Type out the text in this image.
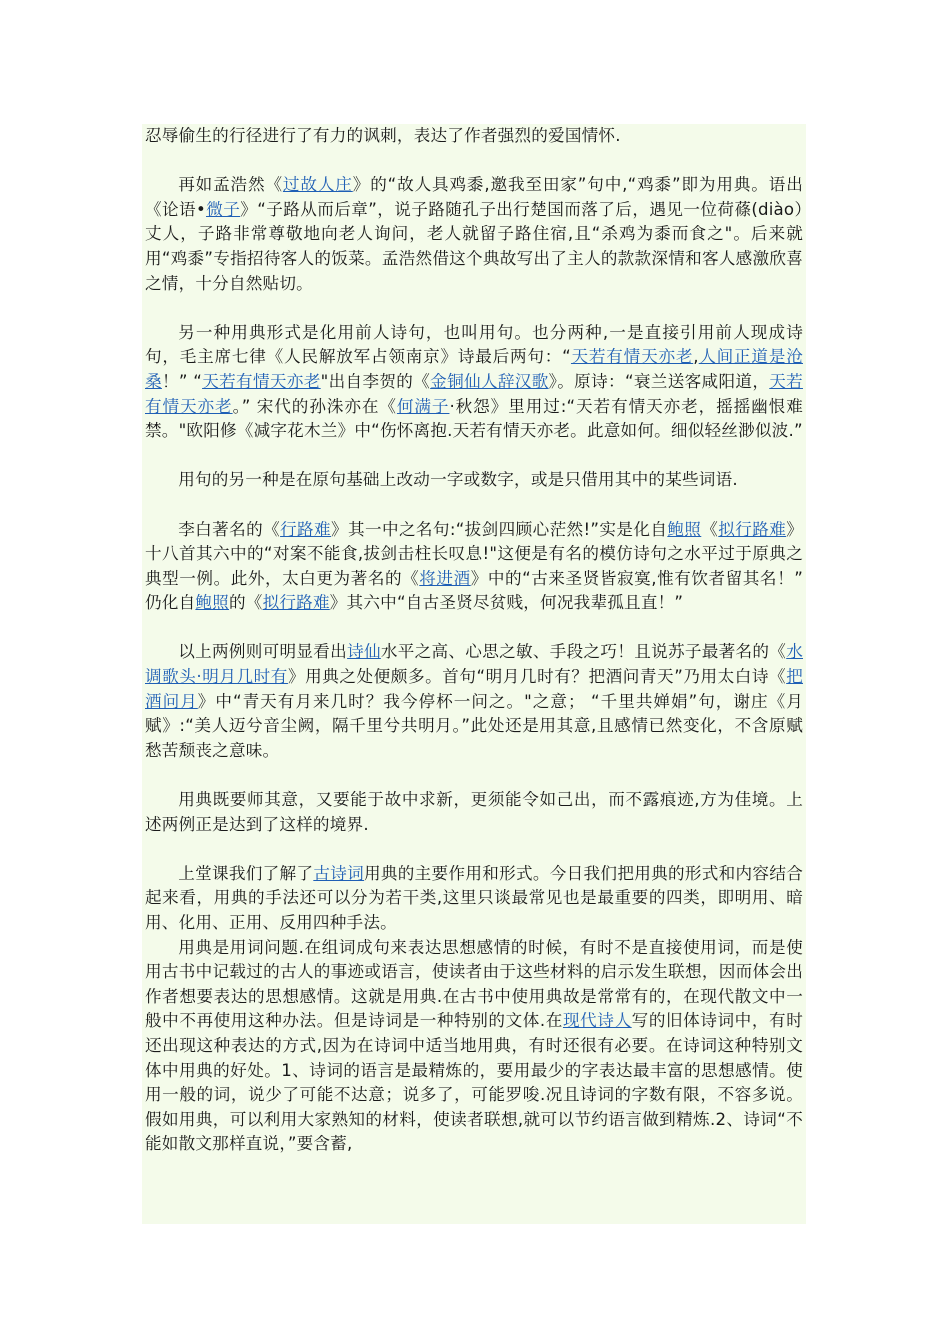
忍辱偷生的行径进行了有力的讽刺，表达了作者强烈的爱国情怀.

再如孟浩然《过故人庄》的“故人具鸡黍,邀我至田家”句中,“鸡黍”即为用典。语出《论语•微子》“子路从而后章”，说子路随孔子出行楚国而落了后，遇见一位荷蓧(diào）丈人，子路非常尊敬地向老人询问，老人就留子路住宿,且“杀鸡为黍而食之"。后来就用“鸡黍”专指招待客人的饭菜。孟浩然借这个典故写出了主人的款款深情和客人感激欣喜之情，十分自然贴切。

另一种用典形式是化用前人诗句，也叫用句。也分两种,一是直接引用前人现成诗句，毛主席七律《人民解放军占领南京》诗最后两句：“天若有情天亦老,人间正道是沧桑！” “天若有情天亦老"出自李贺的《金铜仙人辞汉歌》。原诗：“衰兰送客咸阳道，天若有情天亦老。” 宋代的孙洙亦在《何满子·秋怨》里用过:“天若有情天亦老，摇摇幽恨难禁。"欧阳修《减字花木兰》中“伤怀离抱.天若有情天亦老。此意如何。细似轻丝渺似波.”

用句的另一种是在原句基础上改动一字或数字，或是只借用其中的某些词语.

李白著名的《行路难》其一中之名句:“拔剑四顾心茫然!”实是化自鲍照《拟行路难》十八首其六中的“对案不能食,拔剑击柱长叹息!"这便是有名的模仿诗句之水平过于原典之典型一例。此外，太白更为著名的《将进酒》中的“古来圣贤皆寂寞,惟有饮者留其名！” 仍化自鲍照的《拟行路难》其六中“自古圣贤尽贫贱，何况我辈孤且直！”

以上两例则可明显看出诗仙水平之高、心思之敏、手段之巧！且说苏子最著名的《水调歌头·明月几时有》用典之处便颇多。首句“明月几时有？把酒问青天”乃用太白诗《把酒问月》中“青天有月来几时？我今停杯一问之。"之意； “千里共婵娟”句，谢庄《月赋》:“美人迈兮音尘阙，隔千里兮共明月。”此处还是用其意,且感情已然变化，不含原赋愁苦颓丧之意味。

用典既要师其意，又要能于故中求新，更须能令如己出，而不露痕迹,方为佳境。上述两例正是达到了这样的境界.

上堂课我们了解了古诗词用典的主要作用和形式。今日我们把用典的形式和内容结合起来看，用典的手法还可以分为若干类,这里只谈最常见也是最重要的四类，即明用、暗用、化用、正用、反用四种手法。

用典是用词问题.在组词成句来表达思想感情的时候，有时不是直接使用词，而是使用古书中记载过的古人的事迹或语言，使读者由于这些材料的启示发生联想，因而体会出作者想要表达的思想感情。这就是用典.在古书中使用典故是常常有的，在现代散文中一般中不再使用这种办法。但是诗词是一种特别的文体.在现代诗人写的旧体诗词中，有时还出现这种表达的方式,因为在诗词中适当地用典，有时还很有必要。在诗词这种特别文体中用典的好处。1、诗词的语言是最精炼的，要用最少的字表达最丰富的思想感情。使用一般的词，说少了可能不达意；说多了，可能罗唆.况且诗词的字数有限，不容多说。假如用典，可以利用大家熟知的材料，使读者联想,就可以节约语言做到精炼.2、诗词“不能如散文那样直说，”要含蓄,
